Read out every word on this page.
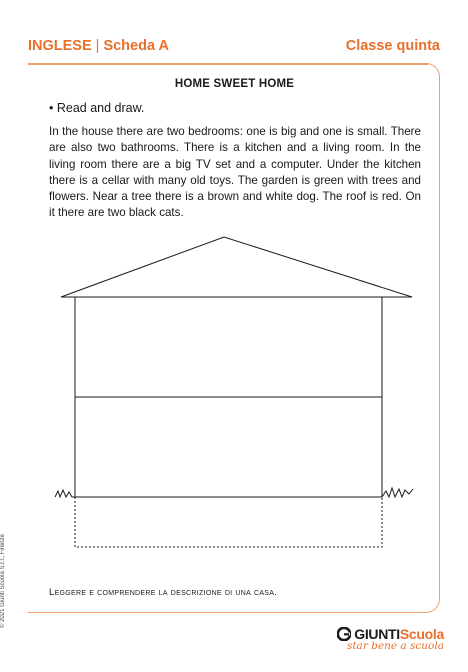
INGLESE | Scheda A	Classe quinta
HOME SWEET HOME
• Read and draw.
In the house there are two bedrooms: one is big and one is small. There are also two bathrooms. There is a kitchen and a living room. In the living room there are a big TV set and a computer. Under the kitchen there is a cellar with many old toys. The garden is green with trees and flowers. Near a tree there is a brown and white dog. The roof is red. On it there are two black cats.
Leggere e comprendere la descrizione di una casa.
© 2021 Giunti Scuola S.r.l., Firenze
GIUNTIScuola
star bene a scuola
